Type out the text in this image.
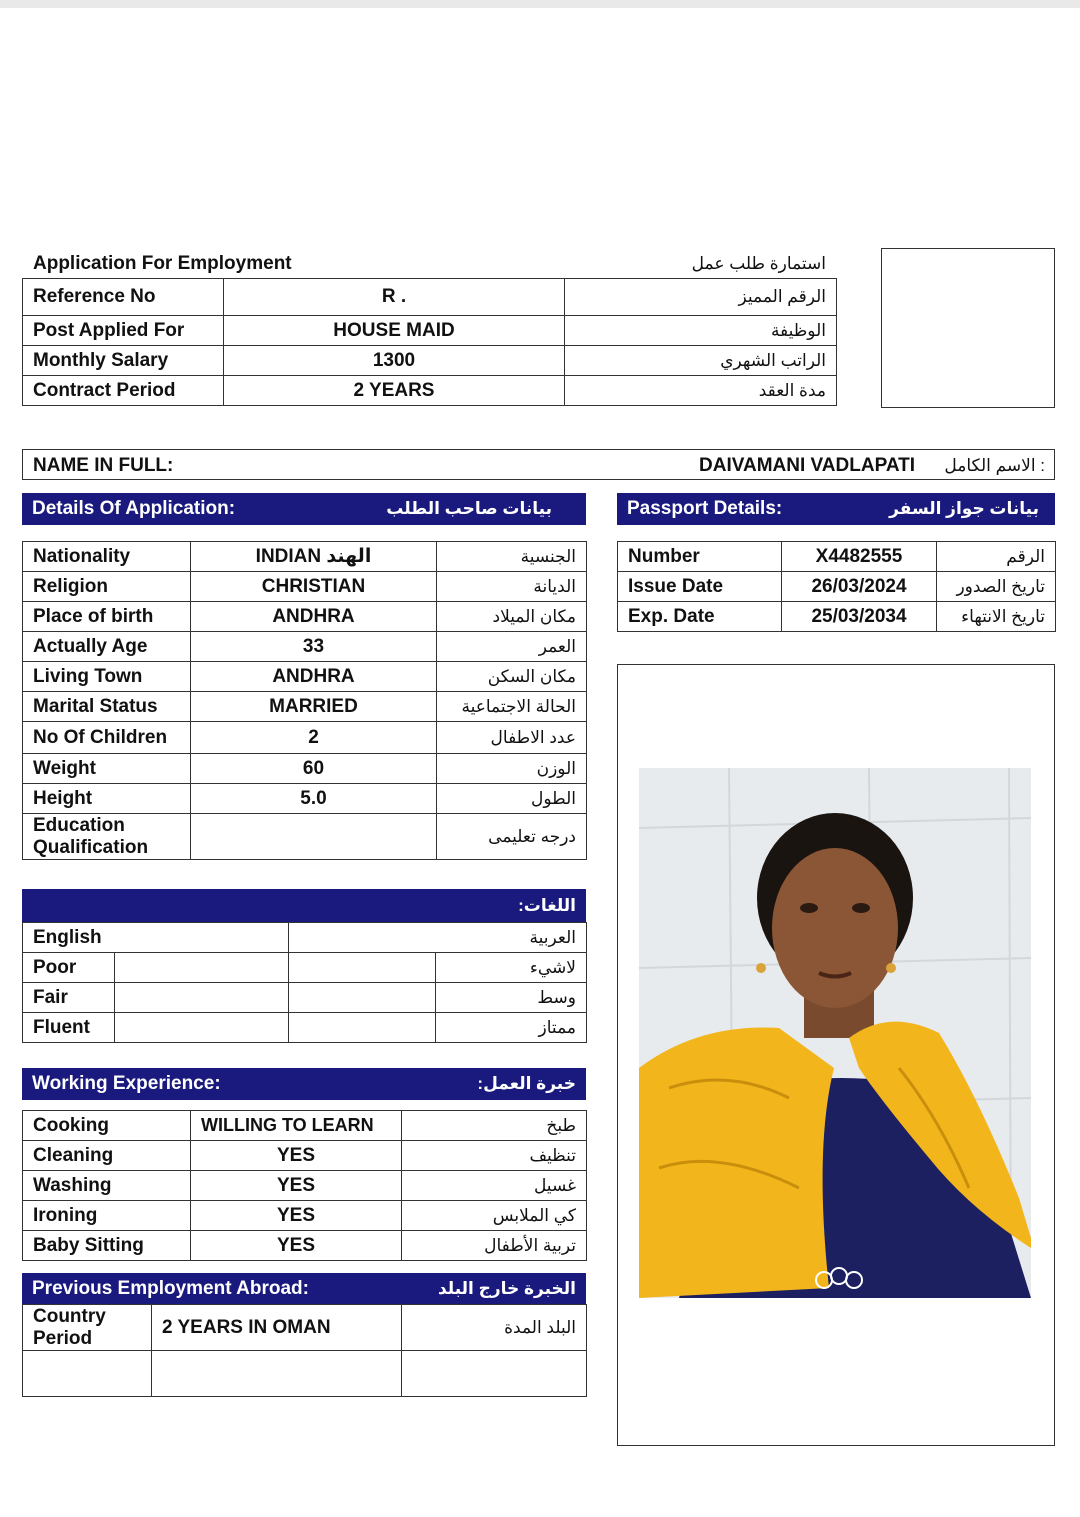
Application For Employment	استمارة طلب عمل
Reference No	R .	الرقم المميز
Post Applied For	HOUSE MAID	الوظيفة
Monthly Salary	1300	الراتب الشهري
Contract Period	2 YEARS	مدة العقد
NAME IN FULL:	DAIVAMANI VADLAPATI	: الاسم الكامل
Details Of Application:	بيانات صاحب الطلب	Passport Details:	بيانات جواز السفر
Nationality	INDIAN الهند	الجنسية
Religion	CHRISTIAN	الديانة
Place of birth	ANDHRA	مكان الميلاد
Actually Age	33	العمر
Living Town	ANDHRA	مكان السكن
Marital Status	MARRIED	الحالة الاجتماعية
No Of Children	2	عدد الاطفال
Weight	60	الوزن
Height	5.0	الطول

Education
Qualification		درجه تعليمى
Number	X4482555	الرقم
Issue Date	26/03/2024	تاريخ الصدور
Exp. Date	25/03/2034	تاريخ الانتهاء
اللغات:
English		العربية	
Poor			لاشيء
Fair			وسط
Fluent			ممتاز
Working Experience:	خبرة العمل:
Cooking	WILLING TO LEARN	طبخ
Cleaning	YES	تنظيف
Washing	YES	غسيل
Ironing	YES	كي الملابس
Baby Sitting	YES	تربية الأطفال
Previous Employment Abroad:	الخبرة خارج البلد
Country
Period	2 YEARS IN OMAN	البلد المدة
